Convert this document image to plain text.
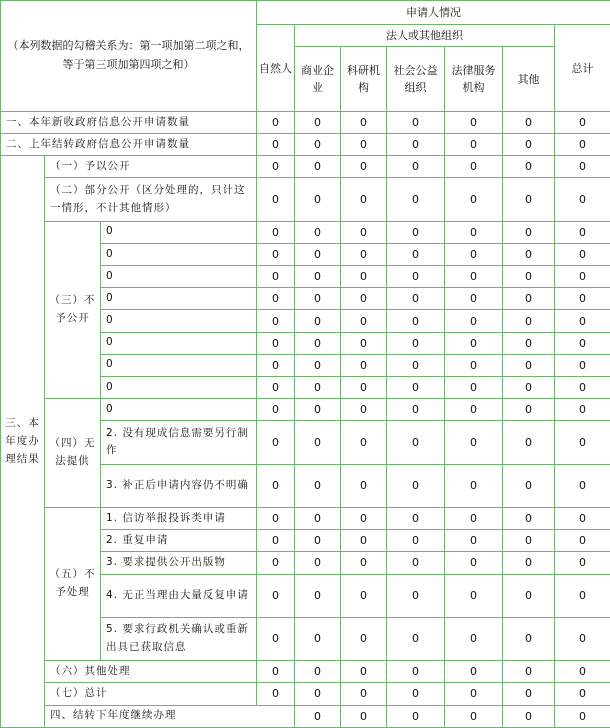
（本列数据的勾稽关系为：第一项加第二项之和，等于第三项加第四项之和）			申请人情况							
			自然人	法人或其他组织					总计	
				商业企业	科研机构	社会公益组织	法律服务机构	其他		
一、本年新收政府信息公开申请数量			0	0	0	0	0	0	0	
二、上年结转政府信息公开申请数量			0	0	0	0	0	0	0	
三、本年度办理结果	（一）予以公开		0	0	0	0	0	0	0	
	（二）部分公开（区分处理的，只计这一情形，不计其他情形）		0	0	0	0	0	0	0	
	（三）不予公开	0	0	0	0	0	0	0	0	
		0	0	0	0	0	0	0	0	
		0	0	0	0	0	0	0	0	
		0	0	0	0	0	0	0	0	
		0	0	0	0	0	0	0	0	
		0	0	0	0	0	0	0	0	
		0	0	0	0	0	0	0	0	
		0	0	0	0	0	0	0	0	
	（四）无法提供	0	0	0	0	0	0	0	0	
		2. 没有现成信息需要另行制作	0	0	0	0	0	0	0	
		3. 补正后申请内容仍不明确	0	0	0	0	0	0	0	
	（五）不予处理	1. 信访举报投诉类申请	0	0	0	0	0	0	0	
		2. 重复申请	0	0	0	0	0	0	0	
		3. 要求提供公开出版物	0	0	0	0	0	0	0	
		4. 无正当理由大量反复申请	0	0	0	0	0	0	0	
		5. 要求行政机关确认或重新出具已获取信息	0	0	0	0	0	0	0	
	（六）其他处理		0	0	0	0	0	0	0	
	（七）总计		0	0	0	0	0	0	0	
	四、结转下年度继续办理			0	0	0	0	0	0	
